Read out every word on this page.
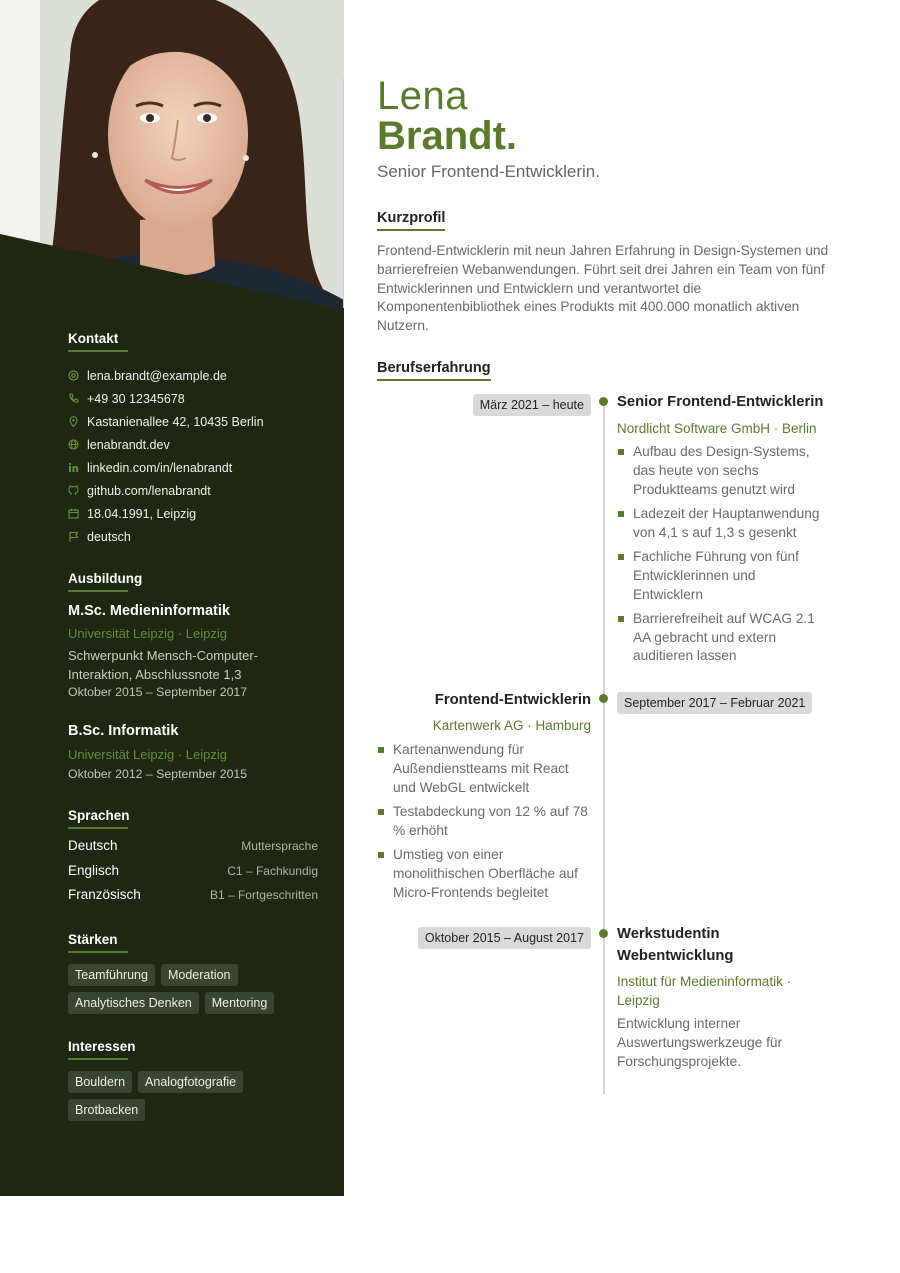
Kontakt
lena.brandt@example.de
+49 30 12345678
Kastanienallee 42, 10435 Berlin
lenabrandt.dev
linkedin.com/in/lenabrandt
github.com/lenabrandt
18.04.1991, Leipzig
deutsch
Ausbildung
M.Sc. Medieninformatik
Universität Leipzig · Leipzig
Schwerpunkt Mensch-Computer-Interaktion, Abschlussnote 1,3
Oktober 2015 – September 2017
B.Sc. Informatik
Universität Leipzig · Leipzig
Oktober 2012 – September 2015
Sprachen
Deutsch	Muttersprache
Englisch	C1 – Fachkundig
Französisch	B1 – Fortgeschritten
Stärken
Teamführung	Moderation
Analytisches Denken	Mentoring
Interessen
Bouldern	Analogfotografie
Brotbacken
Lena
Brandt.
Senior Frontend-Entwicklerin.
Kurzprofil
Frontend-Entwicklerin mit neun Jahren Erfahrung in Design-Systemen und barrierefreien Webanwendungen. Führt seit drei Jahren ein Team von fünf Entwicklerinnen und Entwicklern und verantwortet die Komponentenbibliothek eines Produkts mit 400.000 monatlich aktiven Nutzern.
Berufserfahrung
März 2021 – heute	Senior Frontend-Entwicklerin
Nordlicht Software GmbH · Berlin
Aufbau des Design-Systems, das heute von sechs Produktteams genutzt wird
Ladezeit der Hauptanwendung von 4,1 s auf 1,3 s gesenkt
Fachliche Führung von fünf Entwicklerinnen und Entwicklern
Barrierefreiheit auf WCAG 2.1 AA gebracht und extern auditieren lassen
Frontend-Entwicklerin	September 2017 – Februar 2021
Kartenwerk AG · Hamburg
Kartenanwendung für Außendienstteams mit React und WebGL entwickelt
Testabdeckung von 12 % auf 78 % erhöht
Umstieg von einer monolithischen Oberfläche auf Micro-Frontends begleitet
Oktober 2015 – August 2017	Werkstudentin Webentwicklung
Institut für Medieninformatik · Leipzig
Entwicklung interner Auswertungswerkzeuge für Forschungsprojekte.
